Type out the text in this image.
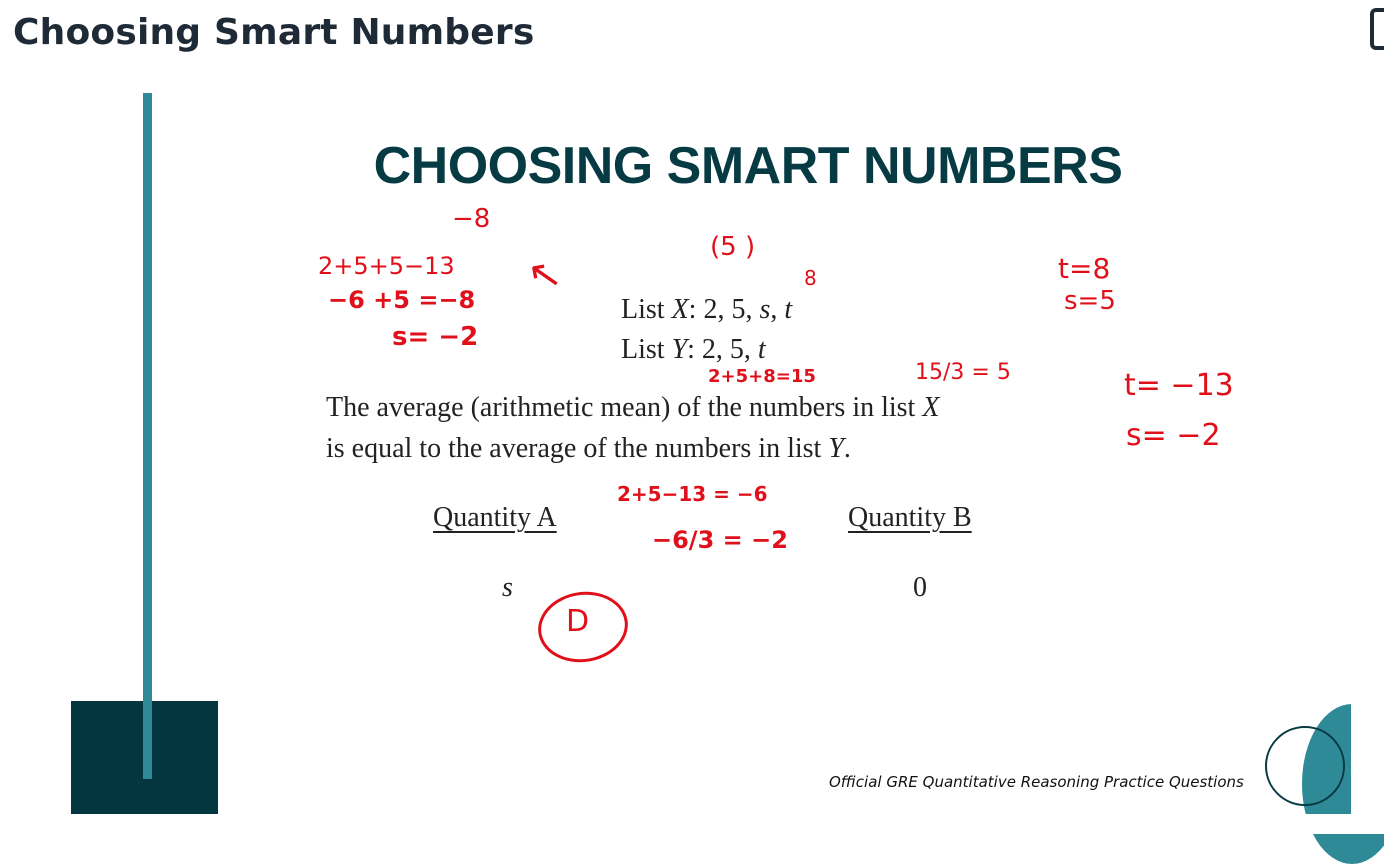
Choosing Smart Numbers
CHOOSING SMART NUMBERS
List X: 2, 5, s, t
List Y: 2, 5, t
The average (arithmetic mean) of the numbers in list X
is equal to the average of the numbers in list Y.
Quantity A	Quantity B
s	0
Official GRE Quantitative Reasoning Practice Questions
−8
2+5+5−13
−6 +5 =−8
s= −2
↖
(5 )
8	t=8
s=5
2+5+8=15	15/3 = 5	t= −13
s= −2
2+5−13 = −6
−6/3 = −2
D
